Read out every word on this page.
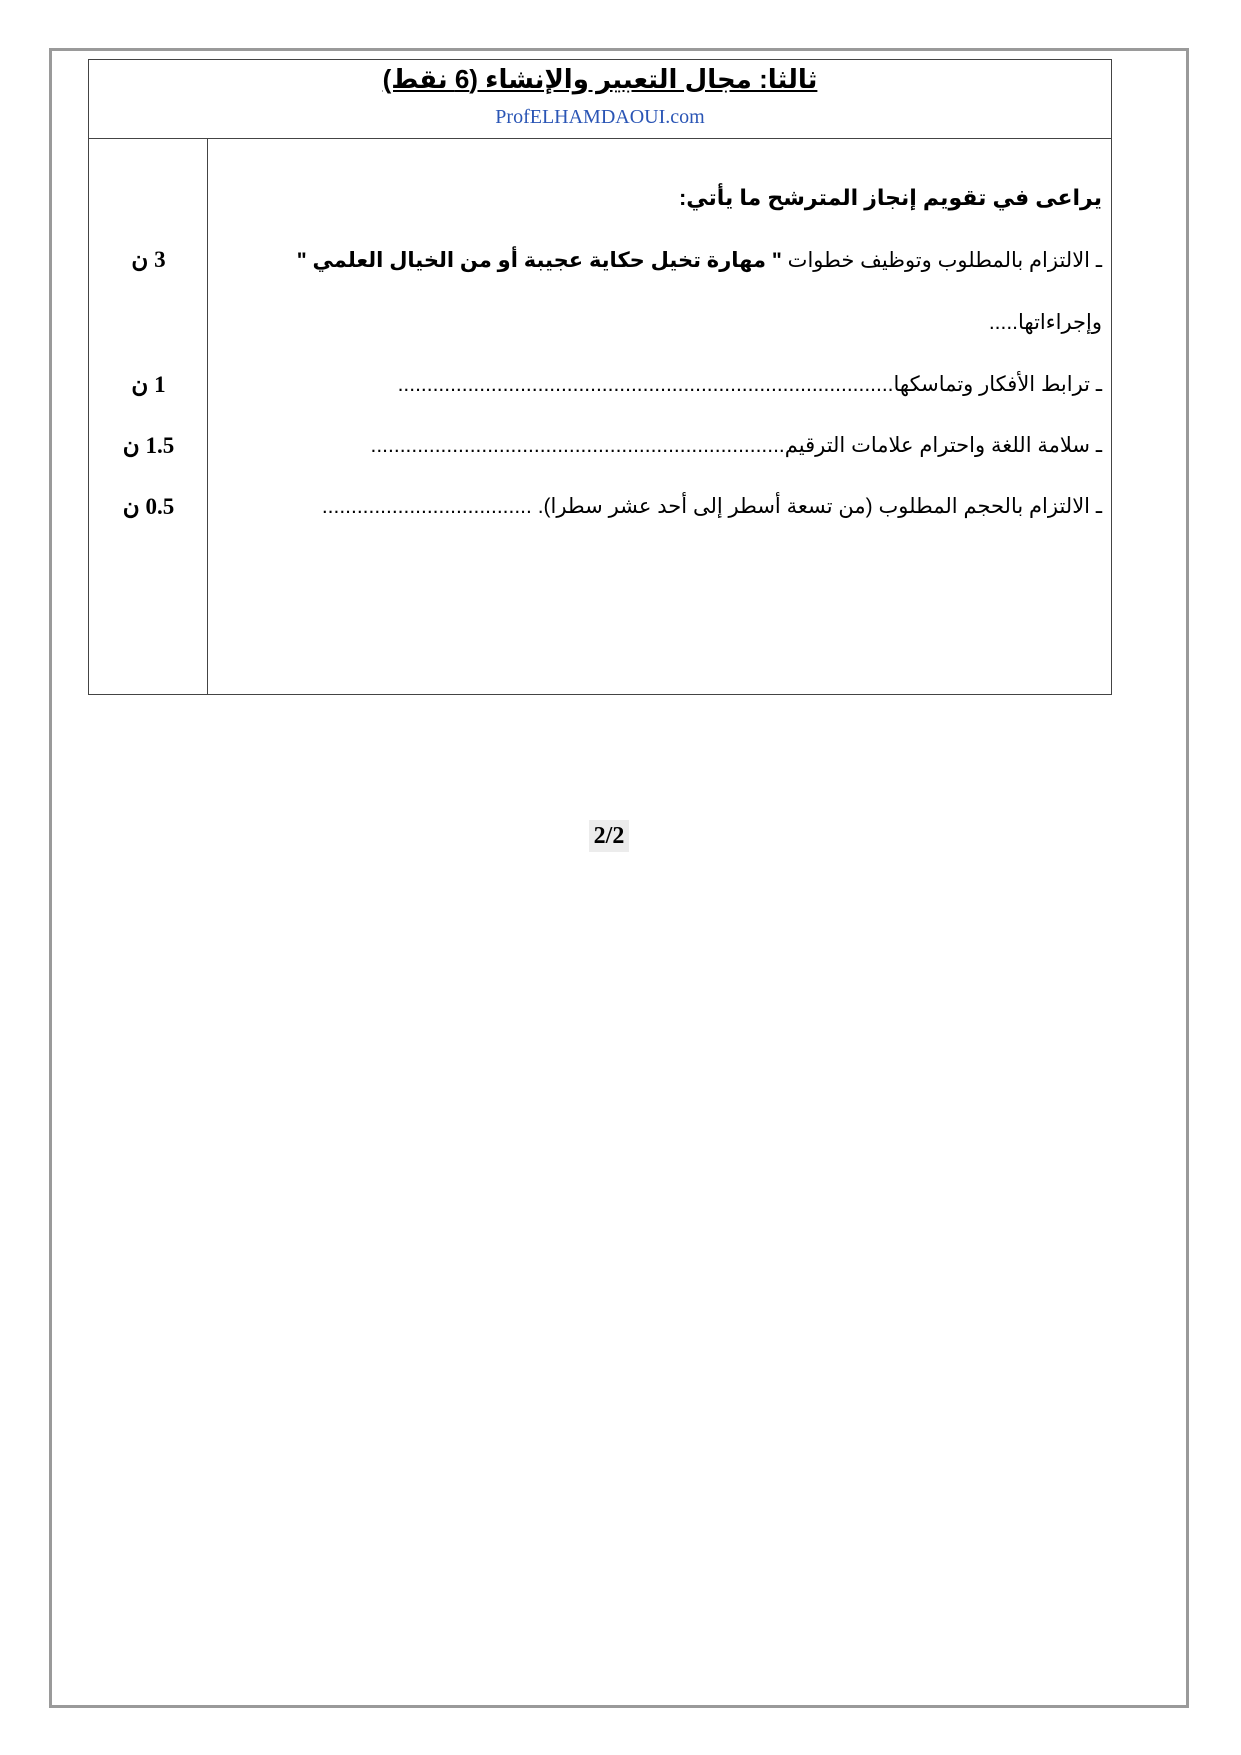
ثالثا: مجال التعبير والإنشاء (6 نقط)
ProfELHAMDAOUI.com
3 ن
1 ن
1.5 ن
0.5 ن
يراعى في تقويم إنجاز المترشح ما يأتي:
ـ الالتزام بالمطلوب وتوظيف خطوات " مهارة تخيل حكاية عجيبة أو من الخيال العلمي "
وإجراءاتها.....
ـ ترابط الأفكار وتماسكها.....................................................................................
ـ سلامة اللغة واحترام علامات الترقيم.......................................................................
ـ الالتزام بالحجم المطلوب (من تسعة أسطر إلى أحد عشر سطرا). ....................................
2/2
